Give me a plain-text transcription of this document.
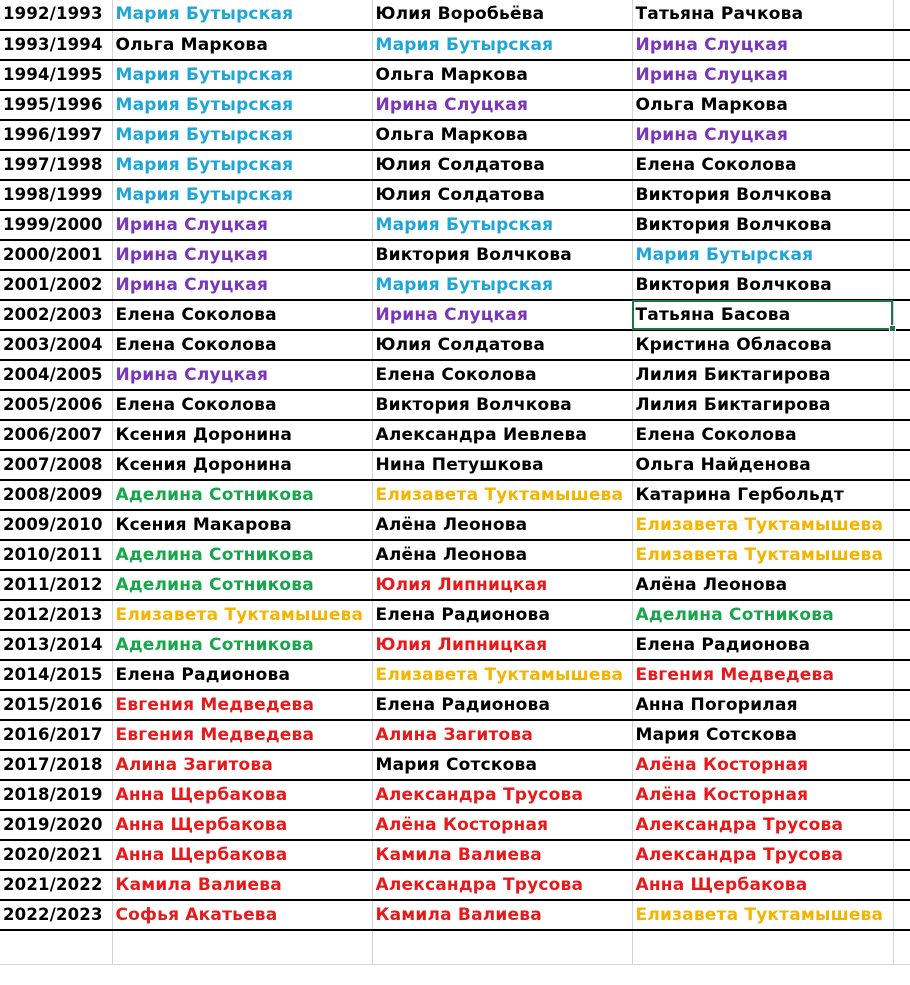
1992/1993	Мария Бутырская	Юлия Воробьёва	Татьяна Рачкова	
1993/1994	Ольга Маркова	Мария Бутырская	Ирина Слуцкая	
1994/1995	Мария Бутырская	Ольга Маркова	Ирина Слуцкая	
1995/1996	Мария Бутырская	Ирина Слуцкая	Ольга Маркова	
1996/1997	Мария Бутырская	Ольга Маркова	Ирина Слуцкая	
1997/1998	Мария Бутырская	Юлия Солдатова	Елена Соколова	
1998/1999	Мария Бутырская	Юлия Солдатова	Виктория Волчкова	
1999/2000	Ирина Слуцкая	Мария Бутырская	Виктория Волчкова	
2000/2001	Ирина Слуцкая	Виктория Волчкова	Мария Бутырская	
2001/2002	Ирина Слуцкая	Мария Бутырская	Виктория Волчкова	
2002/2003	Елена Соколова	Ирина Слуцкая	Татьяна Басова	
2003/2004	Елена Соколова	Юлия Солдатова	Кристина Обласова	
2004/2005	Ирина Слуцкая	Елена Соколова	Лилия Биктагирова	
2005/2006	Елена Соколова	Виктория Волчкова	Лилия Биктагирова	
2006/2007	Ксения Доронина	Александра Иевлева	Елена Соколова	
2007/2008	Ксения Доронина	Нина Петушкова	Ольга Найденова	
2008/2009	Аделина Сотникова	Елизавета Туктамышева	Катарина Гербольдт	
2009/2010	Ксения Макарова	Алёна Леонова	Елизавета Туктамышева	
2010/2011	Аделина Сотникова	Алёна Леонова	Елизавета Туктамышева	
2011/2012	Аделина Сотникова	Юлия Липницкая	Алёна Леонова	
2012/2013	Елизавета Туктамышева	Елена Радионова	Аделина Сотникова	
2013/2014	Аделина Сотникова	Юлия Липницкая	Елена Радионова	
2014/2015	Елена Радионова	Елизавета Туктамышева	Евгения Медведева	
2015/2016	Евгения Медведева	Елена Радионова	Анна Погорилая	
2016/2017	Евгения Медведева	Алина Загитова	Мария Сотскова	
2017/2018	Алина Загитова	Мария Сотскова	Алёна Косторная	
2018/2019	Анна Щербакова	Александра Трусова	Алёна Косторная	
2019/2020	Анна Щербакова	Алёна Косторная	Александра Трусова	
2020/2021	Анна Щербакова	Камила Валиева	Александра Трусова	
2021/2022	Камила Валиева	Александра Трусова	Анна Щербакова	
2022/2023	Софья Акатьева	Камила Валиева	Елизавета Туктамышева	
